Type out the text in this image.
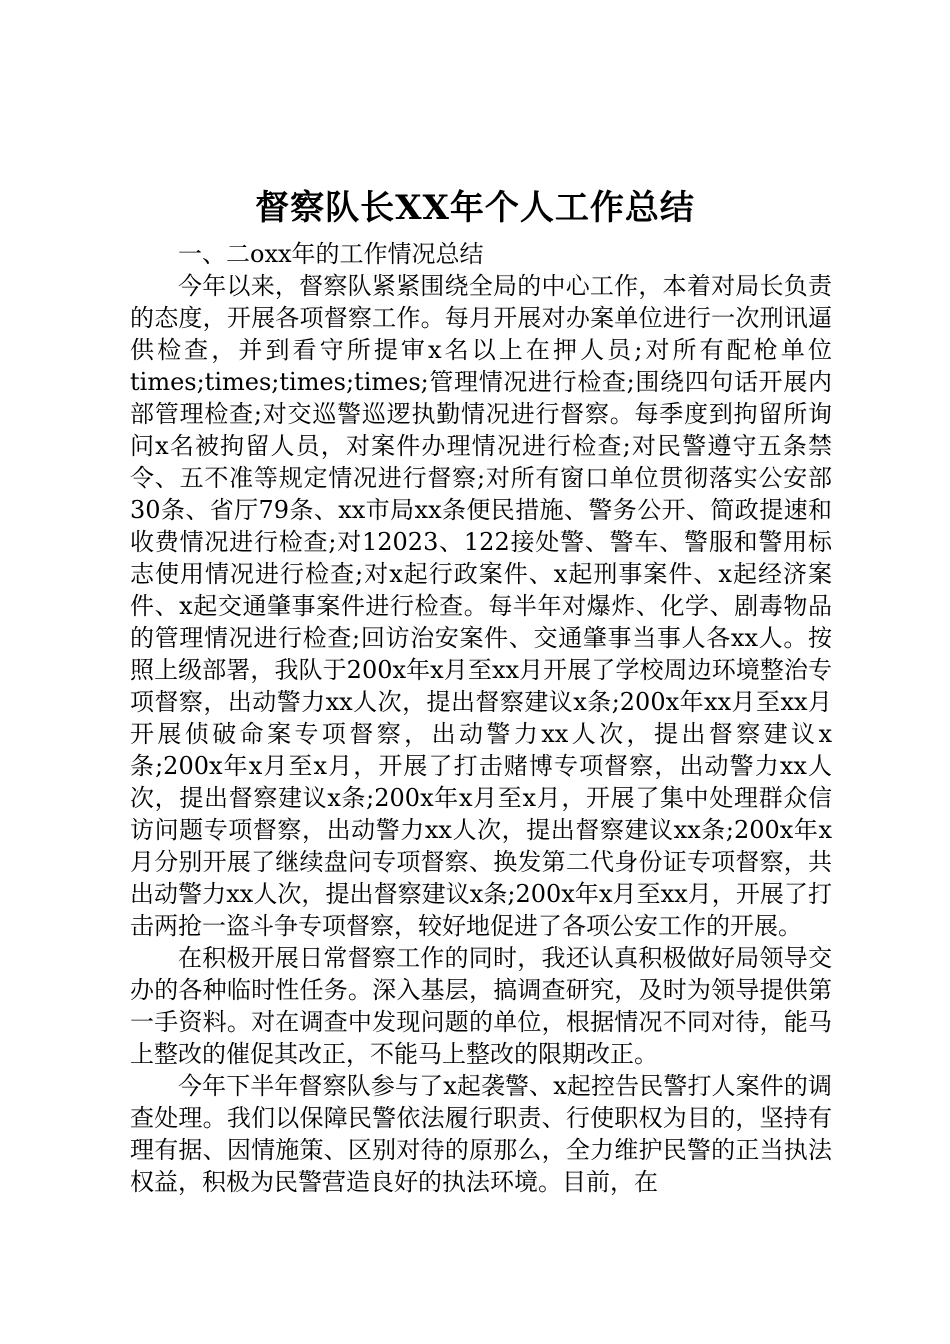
督察队长XX年个人工作总结

一、二oxx年的工作情况总结

今年以来，督察队紧紧围绕全局的中心工作，本着对局长负责的态度，开展各项督察工作。每月开展对办案单位进行一次刑讯逼供检查，并到看守所提审x名以上在押人员;对所有配枪单位times;times;times;times;管理情况进行检查;围绕四句话开展内部管理检查;对交巡警巡逻执勤情况进行督察。每季度到拘留所询问x名被拘留人员，对案件办理情况进行检查;对民警遵守五条禁令、五不准等规定情况进行督察;对所有窗口单位贯彻落实公安部30条、省厅79条、xx市局xx条便民措施、警务公开、简政提速和收费情况进行检查;对12023、122接处警、警车、警服和警用标志使用情况进行检查;对x起行政案件、x起刑事案件、x起经济案件、x起交通肇事案件进行检查。每半年对爆炸、化学、剧毒物品的管理情况进行检查;回访治安案件、交通肇事当事人各xx人。按照上级部署，我队于200x年x月至xx月开展了学校周边环境整治专项督察，出动警力xx人次，提出督察建议x条;200x年xx月至xx月开展侦破命案专项督察，出动警力xx人次，提出督察建议x条;200x年x月至x月，开展了打击赌博专项督察，出动警力xx人次，提出督察建议x条;200x年x月至x月，开展了集中处理群众信访问题专项督察，出动警力xx人次，提出督察建议xx条;200x年x月分别开展了继续盘问专项督察、换发第二代身份证专项督察，共出动警力xx人次，提出督察建议x条;200x年x月至xx月，开展了打击两抢一盗斗争专项督察，较好地促进了各项公安工作的开展。

在积极开展日常督察工作的同时，我还认真积极做好局领导交办的各种临时性任务。深入基层，搞调查研究，及时为领导提供第一手资料。对在调查中发现问题的单位，根据情况不同对待，能马上整改的催促其改正，不能马上整改的限期改正。

今年下半年督察队参与了x起袭警、x起控告民警打人案件的调查处理。我们以保障民警依法履行职责、行使职权为目的，坚持有理有据、因情施策、区别对待的原那么，全力维护民警的正当执法权益，积极为民警营造良好的执法环境。目前，在
